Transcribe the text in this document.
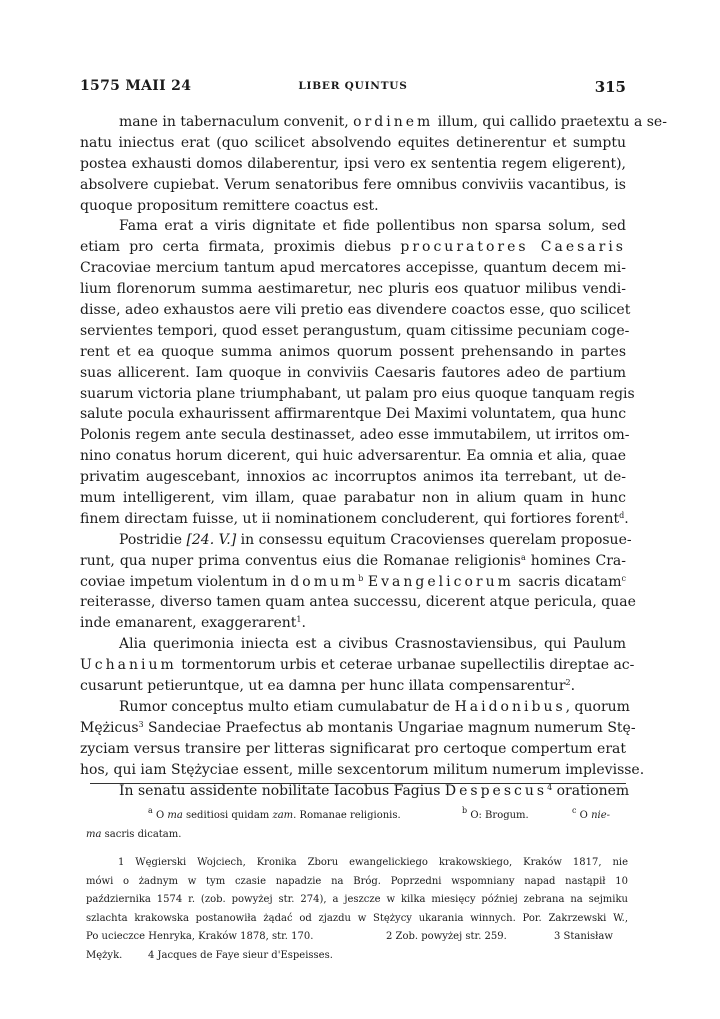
1575 MAII 24	LIBER QUINTUS	315
mane in tabernaculum convenit, ordinem illum, qui callido praetextu a se-
natu iniectus erat (quo scilicet absolvendo equites detinerentur et sumptu
postea exhausti domos dilaberentur, ipsi vero ex sententia regem eligerent),
absolvere cupiebat. Verum senatoribus fere omnibus conviviis vacantibus, is
quoque propositum remittere coactus est.
Fama erat a viris dignitate et fide pollentibus non sparsa solum, sed
etiam pro certa firmata, proximis diebus procuratores Caesaris
Cracoviae mercium tantum apud mercatores accepisse, quantum decem mi-
lium florenorum summa aestimaretur, nec pluris eos quatuor milibus vendi-
disse, adeo exhaustos aere vili pretio eas divendere coactos esse, quo scilicet
servientes tempori, quod esset perangustum, quam citissime pecuniam coge-
rent et ea quoque summa animos quorum possent prehensando in partes
suas allicerent. Iam quoque in conviviis Caesaris fautores adeo de partium
suarum victoria plane triumphabant, ut palam pro eius quoque tanquam regis
salute pocula exhaurissent affirmarentque Dei Maximi voluntatem, qua hunc
Polonis regem ante secula destinasset, adeo esse immutabilem, ut irritos om-
nino conatus horum dicerent, qui huic adversarentur. Ea omnia et alia, quae
privatim augescebant, innoxios ac incorruptos animos ita terrebant, ut de-
mum intelligerent, vim illam, quae parabatur non in alium quam in hunc
finem directam fuisse, ut ii nominationem concluderent, qui fortiores forent$^d$.
Postridie [24. V.] in consessu equitum Cracovienses querelam proposue-
runt, qua nuper prima conventus eius die Romanae religionis$^a$ homines Cra-
coviae impetum violentum in domum$^b$ Evangelicorum sacris dicatam$^c$
reiterasse, diverso tamen quam antea successu, dicerent atque pericula, quae
inde emanarent, exaggerarent$^1$.
Alia querimonia iniecta est a civibus Crasnostaviensibus, qui Paulum
Uchanium tormentorum urbis et ceterae urbanae supellectilis direptae ac-
cusarunt petieruntque, ut ea damna per hunc illata compensarentur$^2$.
Rumor conceptus multo etiam cumulabatur de Haidonibus, quorum
Mężicus$^3$ Sandeciae Praefectus ab montanis Ungariae magnum numerum Stę-
zyciam versus transire per litteras significarat pro certoque compertum erat
hos, qui iam Stężyciae essent, mille sexcentorum militum numerum implevisse.
In senatu assidente nobilitate Iacobus Fagius Despescus$^4$ orationem
$^a$ O ma seditiosi quidam zam. Romanae religionis.	$^b$ O: Brogum.	$^c$ O nie-
ma sacris dicatam.
1 Węgierski Wojciech, Kronika Zboru ewangelickiego krakowskiego, Kraków 1817, nie
mówi o żadnym w tym czasie napadzie na Bróg. Poprzedni wspomniany napad nastąpił 10
października 1574 r. (zob. powyżej str. 274), a jeszcze w kilka miesięcy później zebrana na sejmiku
szlachta krakowska postanowiła żądać od zjazdu w Stężycy ukarania winnych. Por. Zakrzewski W.,
Po ucieczce Henryka, Kraków 1878, str. 170.	2 Zob. powyżej str. 259.	3 Stanisław
Mężyk.	4 Jacques de Faye sieur d'Espeisses.
